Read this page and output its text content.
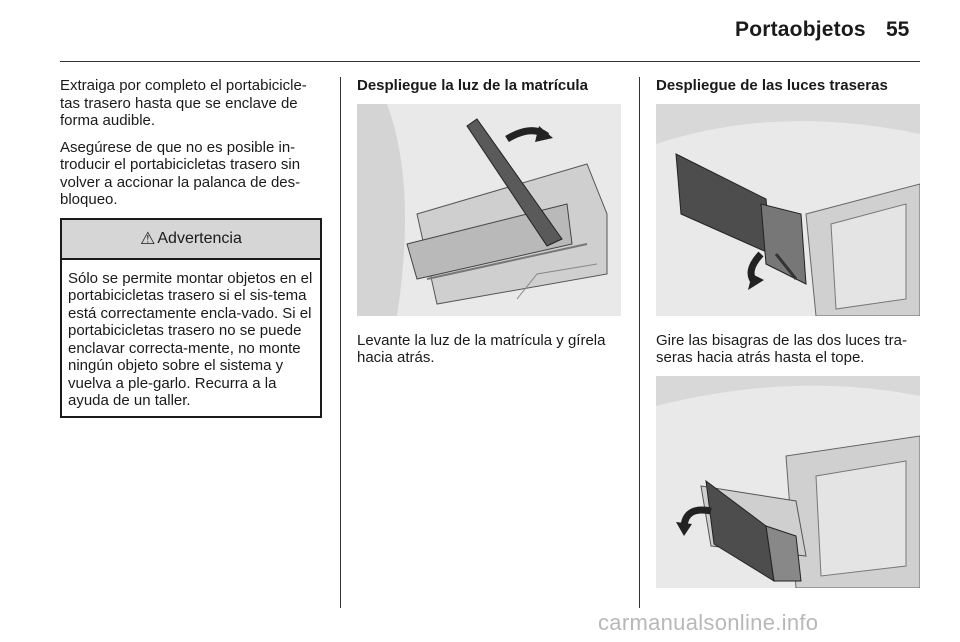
Portaobjetos 55

Extraiga por completo el portabicicle-tas trasero hasta que se enclave de forma audible.

Asegúrese de que no es posible in-troducir el portabicicletas trasero sin volver a accionar la palanca de des-bloqueo.

⚠ Advertencia

Sólo se permite montar objetos en el portabicicletas trasero si el sis-tema está correctamente encla-vado. Si el portabicicletas trasero no se puede enclavar correcta-mente, no monte ningún objeto sobre el sistema y vuelva a ple-garlo. Recurra a la ayuda de un taller.

Despliegue la luz de la matrícula

Levante la luz de la matrícula y gírela hacia atrás.

Despliegue de las luces traseras

Gire las bisagras de las dos luces tra-seras hacia atrás hasta el tope.

carmanualsonline.info
